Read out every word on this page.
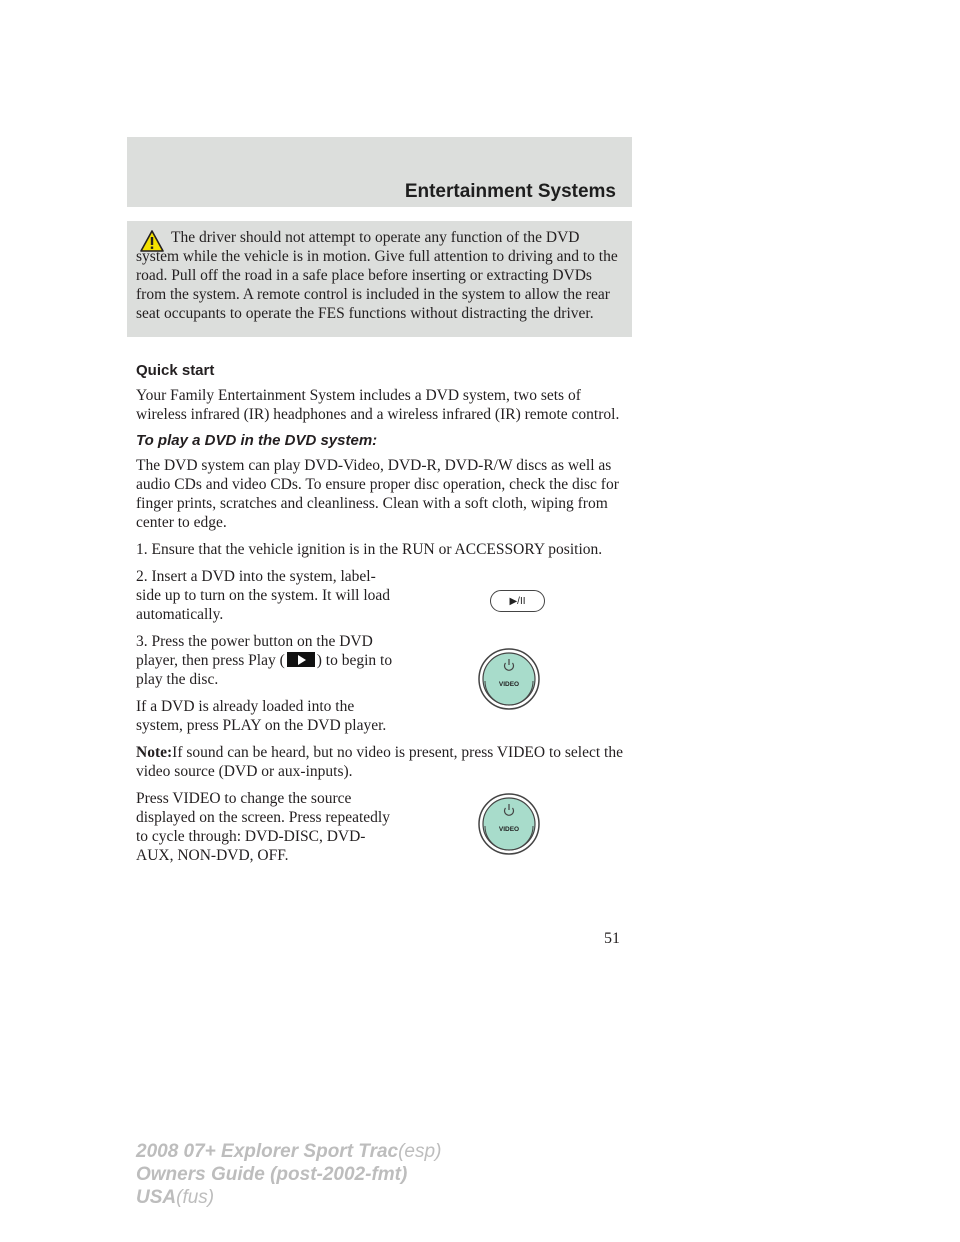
Entertainment Systems

The driver should not attempt to operate any function of the DVD system while the vehicle is in motion. Give full attention to driving and to the road. Pull off the road in a safe place before inserting or extracting DVDs from the system. A remote control is included in the system to allow the rear seat occupants to operate the FES functions without distracting the driver.

Quick start

Your Family Entertainment System includes a DVD system, two sets of wireless infrared (IR) headphones and a wireless infrared (IR) remote control.

To play a DVD in the DVD system:

The DVD system can play DVD-Video, DVD-R, DVD-R/W discs as well as audio CDs and video CDs. To ensure proper disc operation, check the disc for finger prints, scratches and cleanliness. Clean with a soft cloth, wiping from center to edge.

1. Ensure that the vehicle ignition is in the RUN or ACCESSORY position.

2. Insert a DVD into the system, label-side up to turn on the system. It will load automatically.

3. Press the power button on the DVD player, then press Play ( ) to begin to play the disc.

If a DVD is already loaded into the system, press PLAY on the DVD player.

Note:If sound can be heard, but no video is present, press VIDEO to select the video source (DVD or aux-inputs).

Press VIDEO to change the source displayed on the screen. Press repeatedly to cycle through: DVD-DISC, DVD-AUX, NON-DVD, OFF.

▶/II
VIDEO
VIDEO
51
2008 07+ Explorer Sport Trac(esp)
Owners Guide (post-2002-fmt)
USA(fus)
